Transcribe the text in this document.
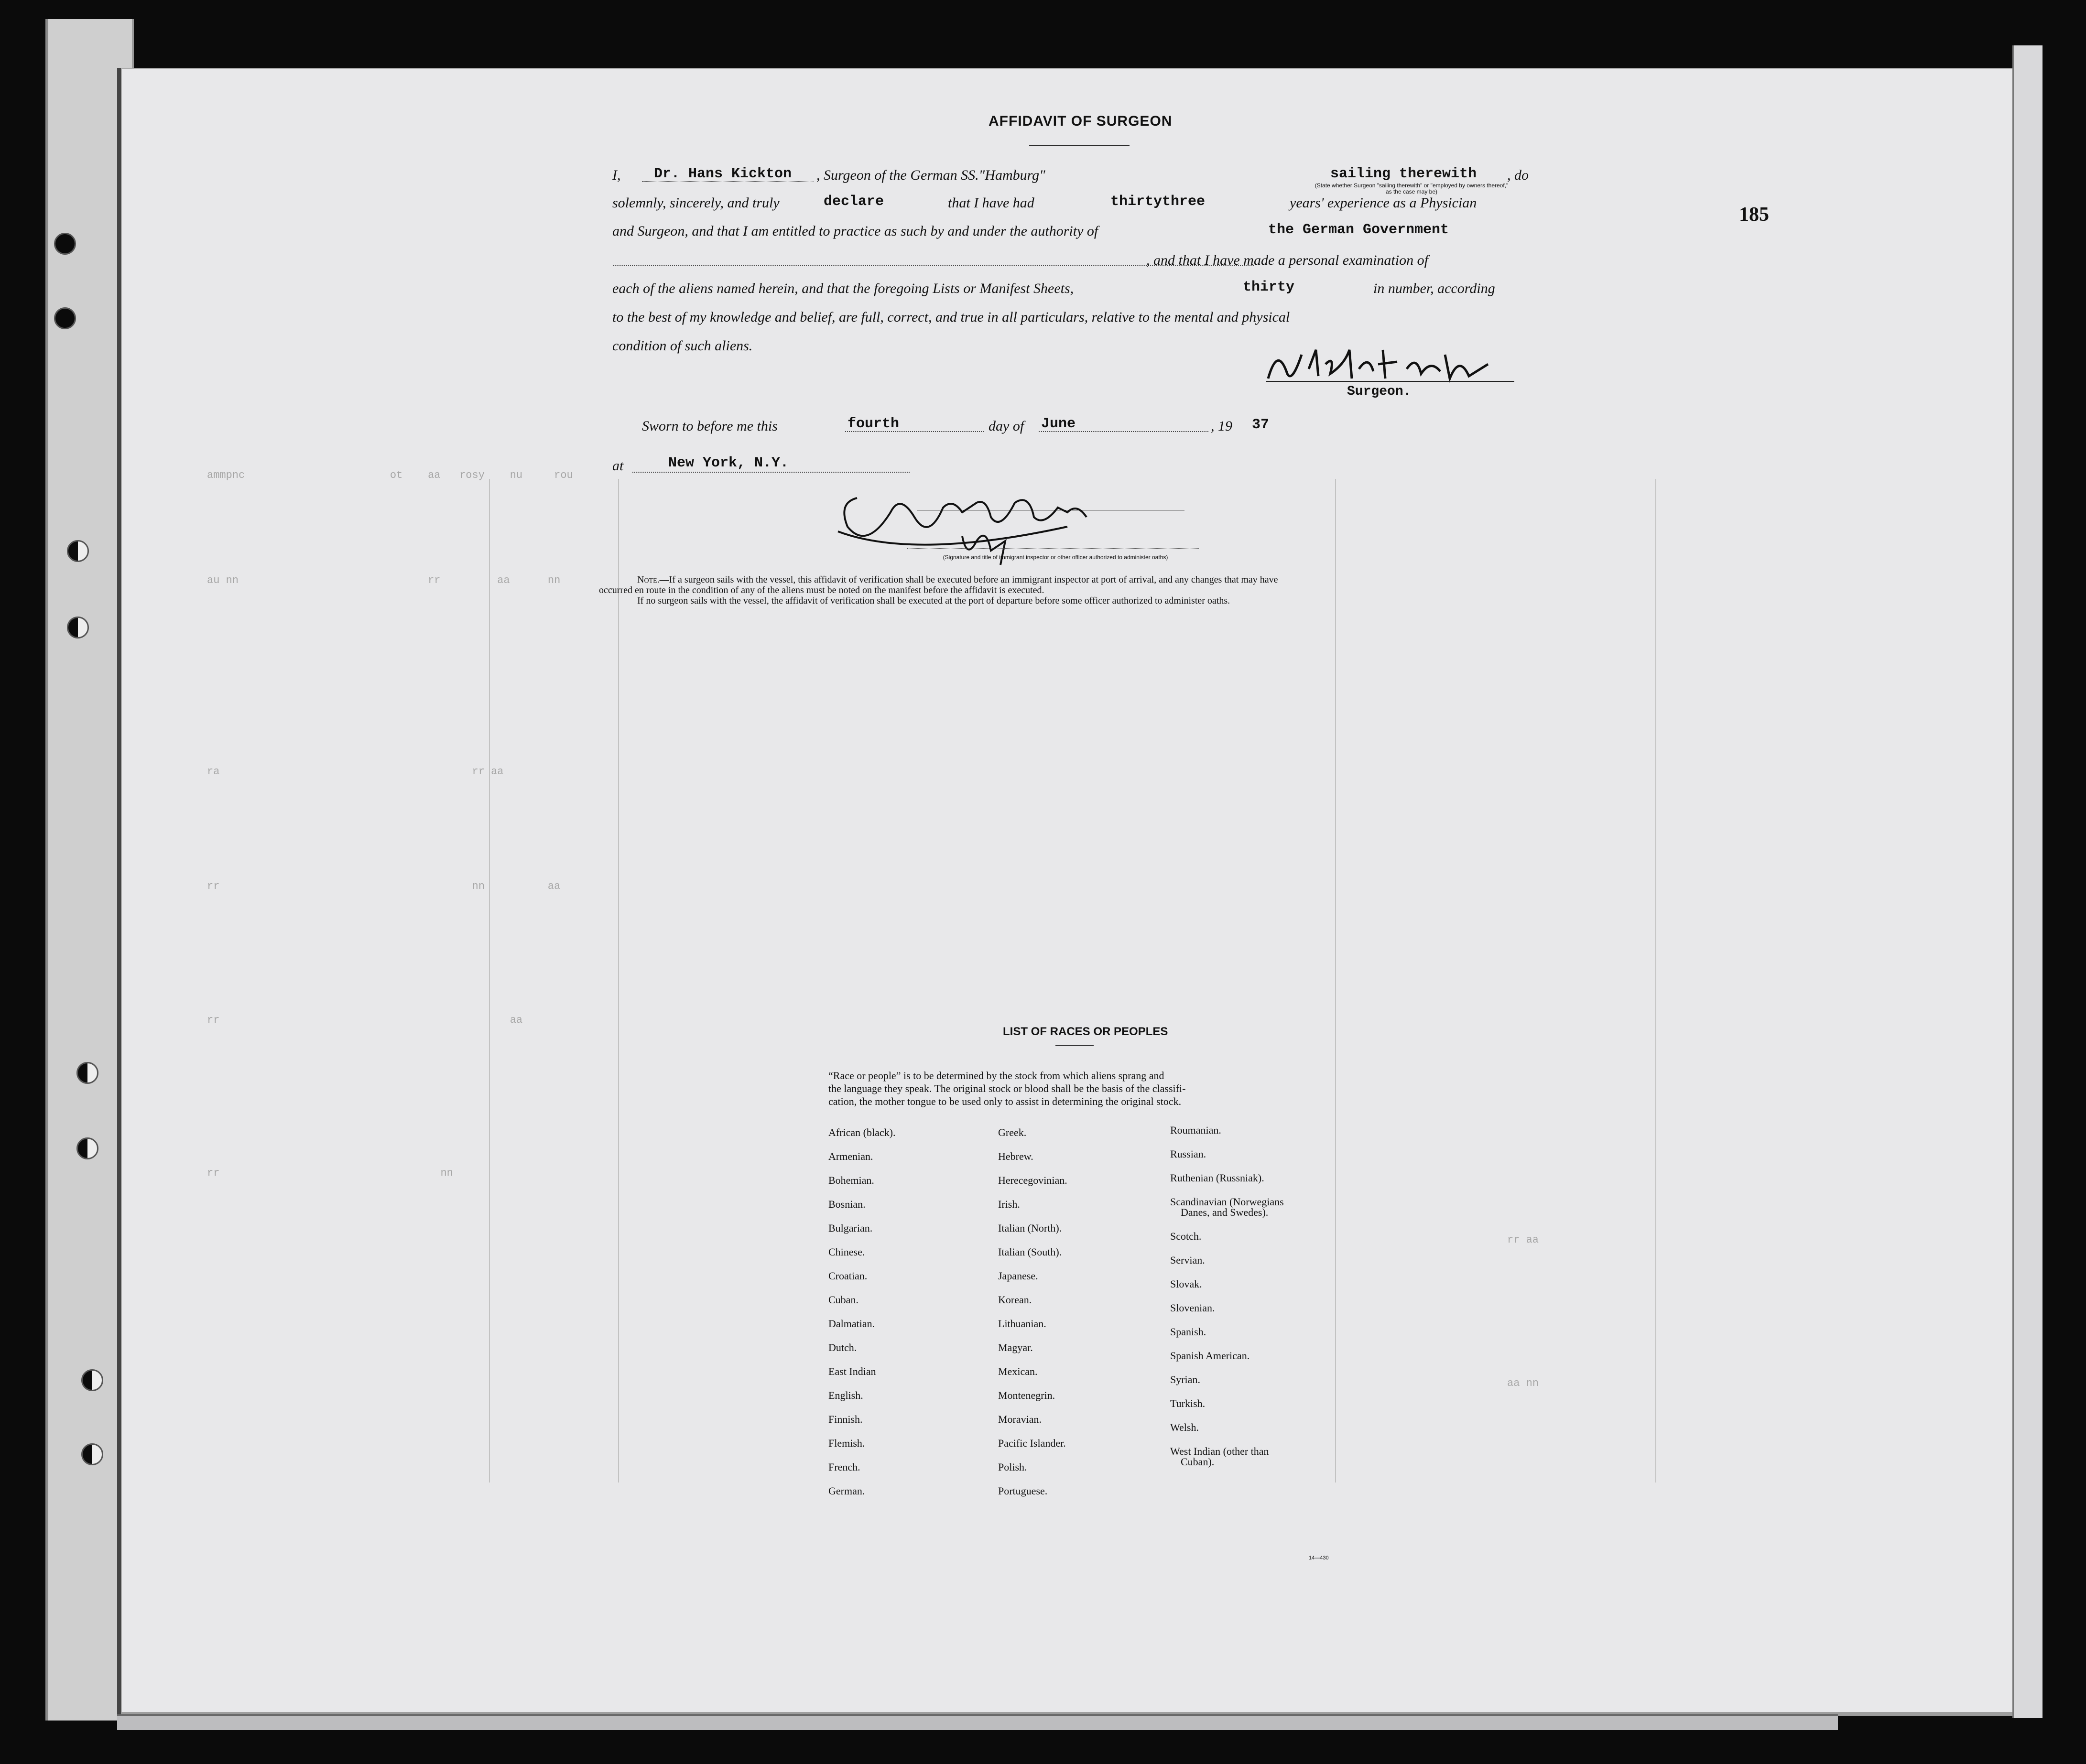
ammpnc                       ot    aa   rosy    nu     rou
au nn                              rr         aa      nn
ra                                        rr aa
rr                                        nn          aa
rr                                              aa
rr                                   nn
rr aa
aa nn
185
AFFIDAVIT OF SURGEON
I, Dr. Hans Kickton , Surgeon of the German SS."Hamburg"	sailing therewith , do
(State whether Surgeon "sailing therewith" or "employed by owners thereof," as the case may be)
solemnly, sincerely, and truly	declare	that I have had	thirtythree	years' experience as a Physician
and Surgeon, and that I am entitled to practice as such by and under the authority of	the German Government
, and that I have made a personal examination of
each of the aliens named herein, and that the foregoing Lists or Manifest Sheets,	thirty	in number, according
to the best of my knowledge and belief, are full, correct, and true in all particulars, relative to the mental and physical
condition of such aliens.
Surgeon.
Sworn to before me this	fourth	day of June	, 19 37
at	New York, N.Y.
(Signature and title of immigrant inspector or other officer authorized to administer oaths)
Note.—If a surgeon sails with the vessel, this affidavit of verification shall be executed before an immigrant inspector at port of arrival, and any changes that may have
occurred en route in the condition of any of the aliens must be noted on the manifest before the affidavit is executed.
If no surgeon sails with the vessel, the affidavit of verification shall be executed at the port of departure before some officer authorized to administer oaths.
LIST OF RACES OR PEOPLES
“Race or people” is to be determined by the stock from which aliens sprang and
the language they speak. The original stock or blood shall be the basis of the classifi-
cation, the mother tongue to be used only to assist in determining the original stock.
African (black).
Armenian.
Bohemian.
Bosnian.
Bulgarian.
Chinese.
Croatian.
Cuban.
Dalmatian.
Dutch.
East Indian
English.
Finnish.
Flemish.
French.
German.
Greek.
Hebrew.
Herecegovinian.
Irish.
Italian (North).
Italian (South).
Japanese.
Korean.
Lithuanian.
Magyar.
Mexican.
Montenegrin.
Moravian.
Pacific Islander.
Polish.
Portuguese.
Roumanian.
Russian.
Ruthenian (Russniak).
Scandinavian (Norwegians
Danes, and Swedes).
Scotch.
Servian.
Slovak.
Slovenian.
Spanish.
Spanish American.
Syrian.
Turkish.
Welsh.
West Indian (other than
Cuban).
14—430
